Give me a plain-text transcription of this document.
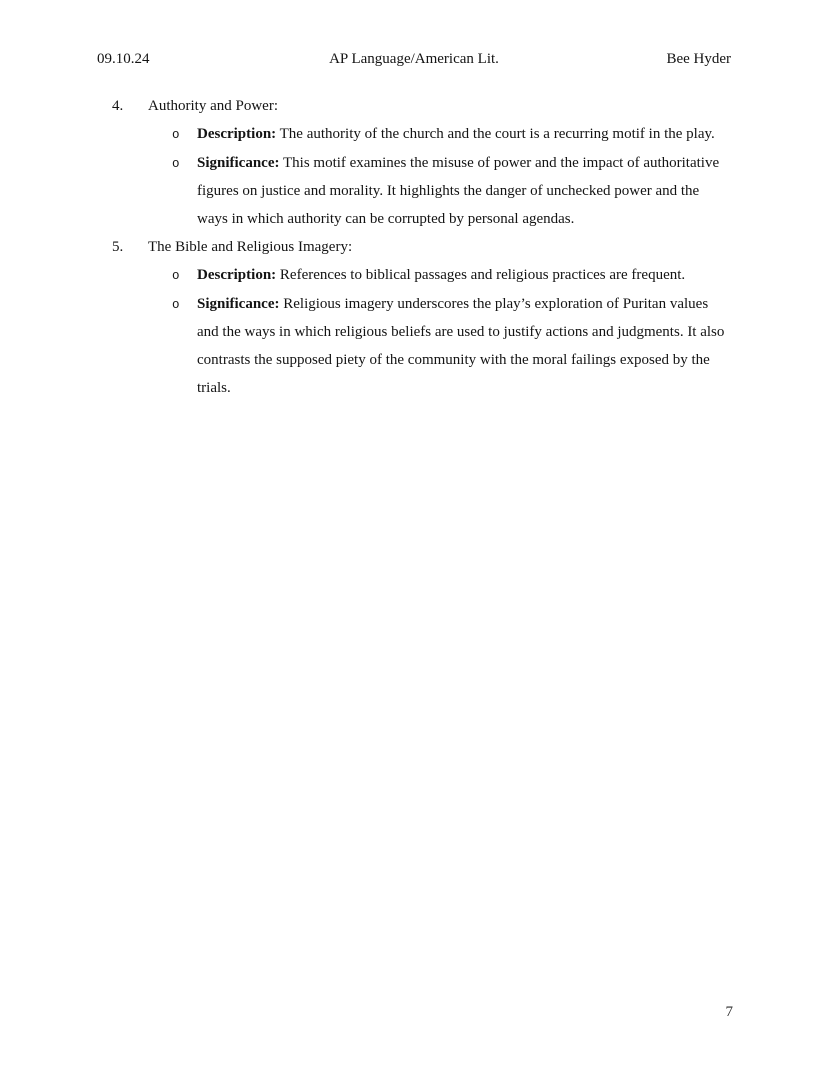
09.10.24	AP Language/American Lit.	Bee Hyder
4. Authority and Power:
o	Description: The authority of the church and the court is a recurring motif in the play.
o	Significance: This motif examines the misuse of power and the impact of authoritative figures on justice and morality. It highlights the danger of unchecked power and the ways in which authority can be corrupted by personal agendas.
5. The Bible and Religious Imagery:
o	Description: References to biblical passages and religious practices are frequent.
o	Significance: Religious imagery underscores the play’s exploration of Puritan values and the ways in which religious beliefs are used to justify actions and judgments. It also contrasts the supposed piety of the community with the moral failings exposed by the trials.
7
